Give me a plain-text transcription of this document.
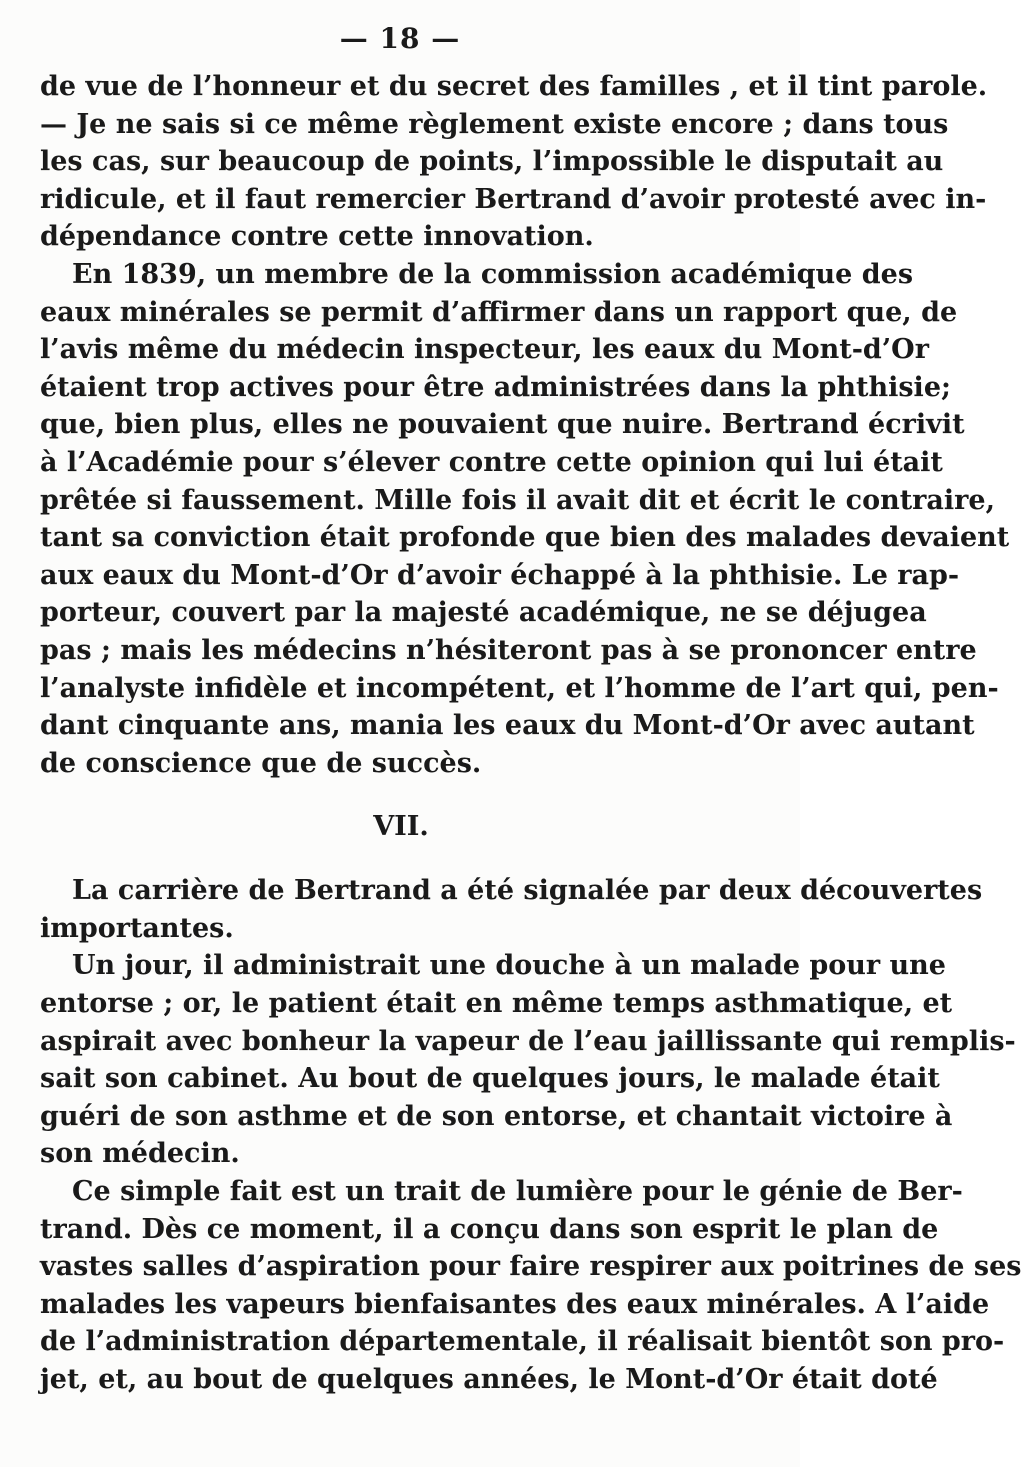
— 18 —
de vue de l’honneur et du secret des familles , et il tint parole.
— Je ne sais si ce même règlement existe encore ; dans tous
les cas, sur beaucoup de points, l’impossible le disputait au
ridicule, et il faut remercier Bertrand d’avoir protesté avec in-
dépendance contre cette innovation.
En 1839, un membre de la commission académique des
eaux minérales se permit d’affirmer dans un rapport que, de
l’avis même du médecin inspecteur, les eaux du Mont-d’Or
étaient trop actives pour être administrées dans la phthisie;
que, bien plus, elles ne pouvaient que nuire. Bertrand écrivit
à l’Académie pour s’élever contre cette opinion qui lui était
prêtée si faussement. Mille fois il avait dit et écrit le contraire,
tant sa conviction était profonde que bien des malades devaient
aux eaux du Mont-d’Or d’avoir échappé à la phthisie. Le rap-
porteur, couvert par la majesté académique, ne se déjugea
pas ; mais les médecins n’hésiteront pas à se prononcer entre
l’analyste infidèle et incompétent, et l’homme de l’art qui, pen-
dant cinquante ans, mania les eaux du Mont-d’Or avec autant
de conscience que de succès.
VII.
La carrière de Bertrand a été signalée par deux découvertes
importantes.
Un jour, il administrait une douche à un malade pour une
entorse ; or, le patient était en même temps asthmatique, et
aspirait avec bonheur la vapeur de l’eau jaillissante qui remplis-
sait son cabinet. Au bout de quelques jours, le malade était
guéri de son asthme et de son entorse, et chantait victoire à
son médecin.
Ce simple fait est un trait de lumière pour le génie de Ber-
trand. Dès ce moment, il a conçu dans son esprit le plan de
vastes salles d’aspiration pour faire respirer aux poitrines de ses
malades les vapeurs bienfaisantes des eaux minérales. A l’aide
de l’administration départementale, il réalisait bientôt son pro-
jet, et, au bout de quelques années, le Mont-d’Or était doté
